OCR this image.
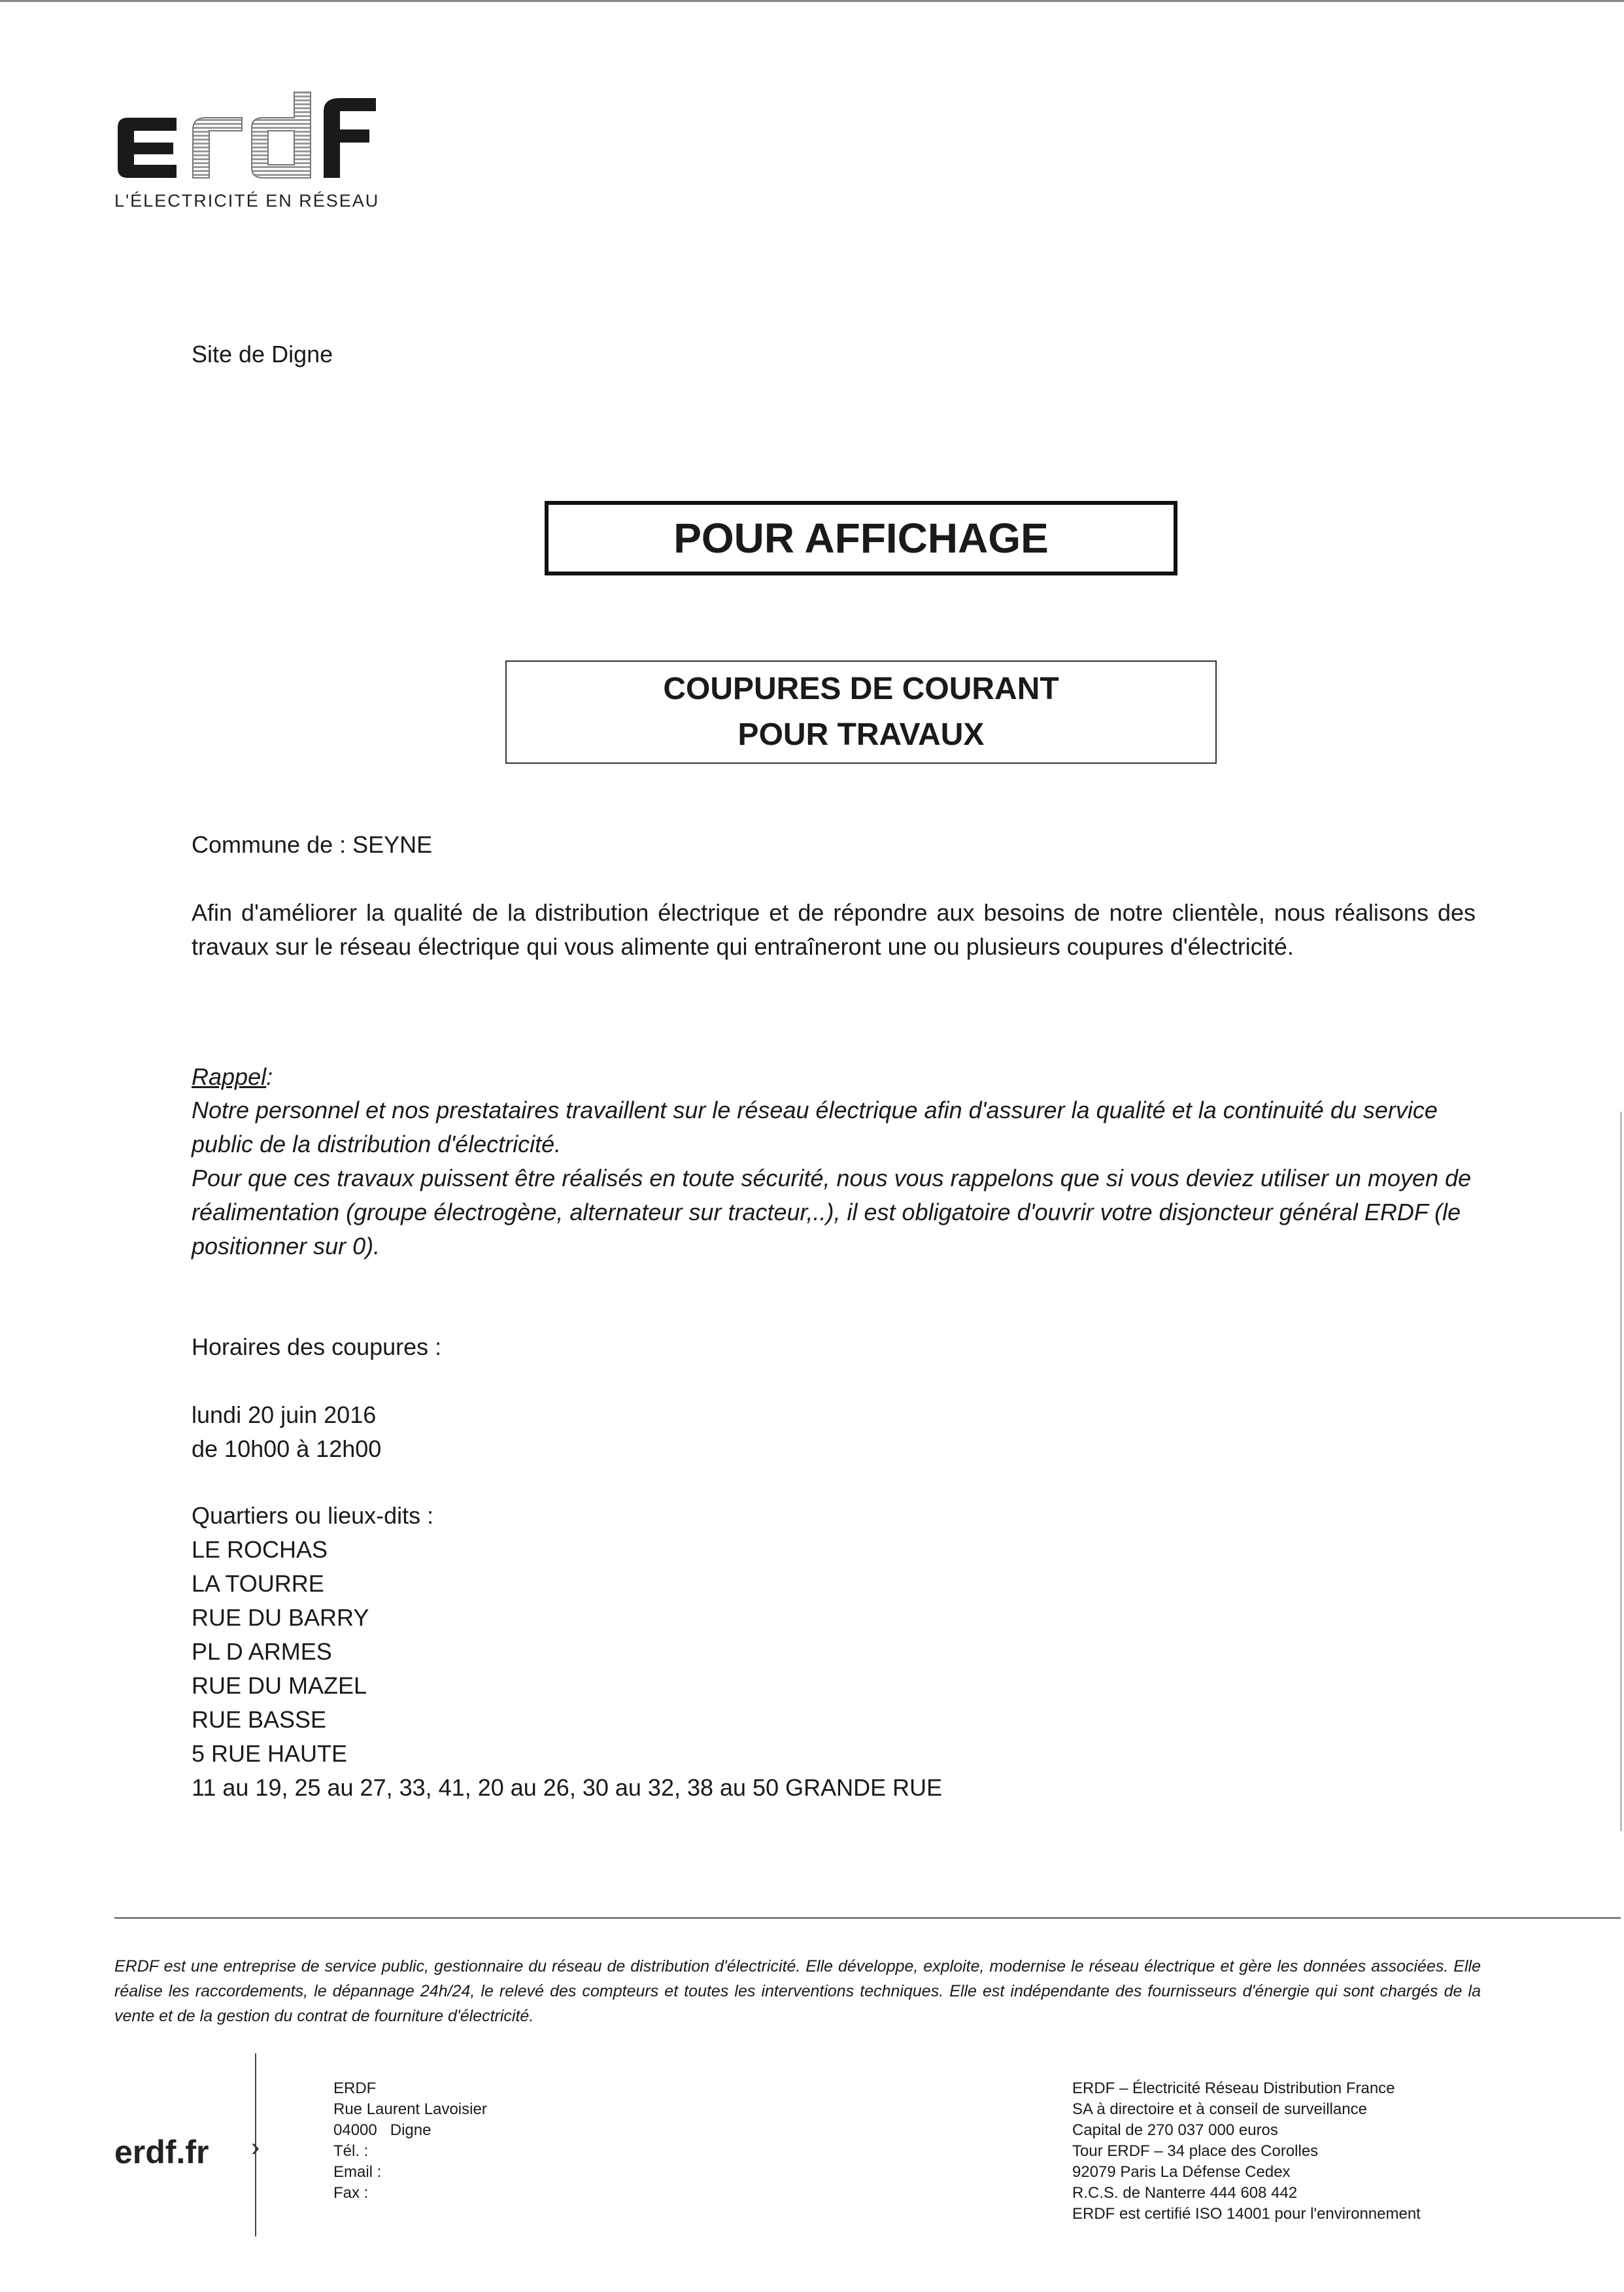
L'ÉLECTRICITÉ EN RÉSEAU
Site de Digne
POUR AFFICHAGE
COUPURES DE COURANT
POUR TRAVAUX
Commune de : SEYNE
Afin d'améliorer la qualité de la distribution électrique et de répondre aux besoins de notre clientèle, nous réalisons des travaux sur le réseau électrique qui vous alimente qui entraîneront une ou plusieurs coupures d'électricité.
Rappel:

Notre personnel et nos prestataires travaillent sur le réseau électrique afin d'assurer la qualité et la continuité du service public de la distribution d'électricité.

Pour que ces travaux puissent être réalisés en toute sécurité, nous vous rappelons que si vous deviez utiliser un moyen de réalimentation (groupe électrogène, alternateur sur tracteur,..), il est obligatoire d'ouvrir votre disjoncteur général ERDF (le positionner sur 0).

Horaires des coupures :
lundi 20 juin 2016
de 10h00 à 12h00
Quartiers ou lieux-dits :
LE ROCHAS
LA TOURRE
RUE DU BARRY
PL D ARMES
RUE DU MAZEL
RUE BASSE
5 RUE HAUTE
11 au 19, 25 au 27, 33, 41, 20 au 26, 30 au 32, 38 au 50 GRANDE RUE
ERDF est une entreprise de service public, gestionnaire du réseau de distribution d'électricité. Elle développe, exploite, modernise le réseau électrique et gère les données associées. Elle réalise les raccordements, le dépannage 24h/24, le relevé des compteurs et toutes les interventions techniques. Elle est indépendante des fournisseurs d'énergie qui sont chargés de la vente et de la gestion du contrat de fourniture d'électricité.
erdf.fr ›
ERDF
Rue Laurent Lavoisier
04000   Digne
Tél. :
Email :
Fax :
ERDF – Électricité Réseau Distribution France
SA à directoire et à conseil de surveillance
Capital de 270 037 000 euros
Tour ERDF – 34 place des Corolles
92079 Paris La Défense Cedex
R.C.S. de Nanterre 444 608 442
ERDF est certifié ISO 14001 pour l'environnement
